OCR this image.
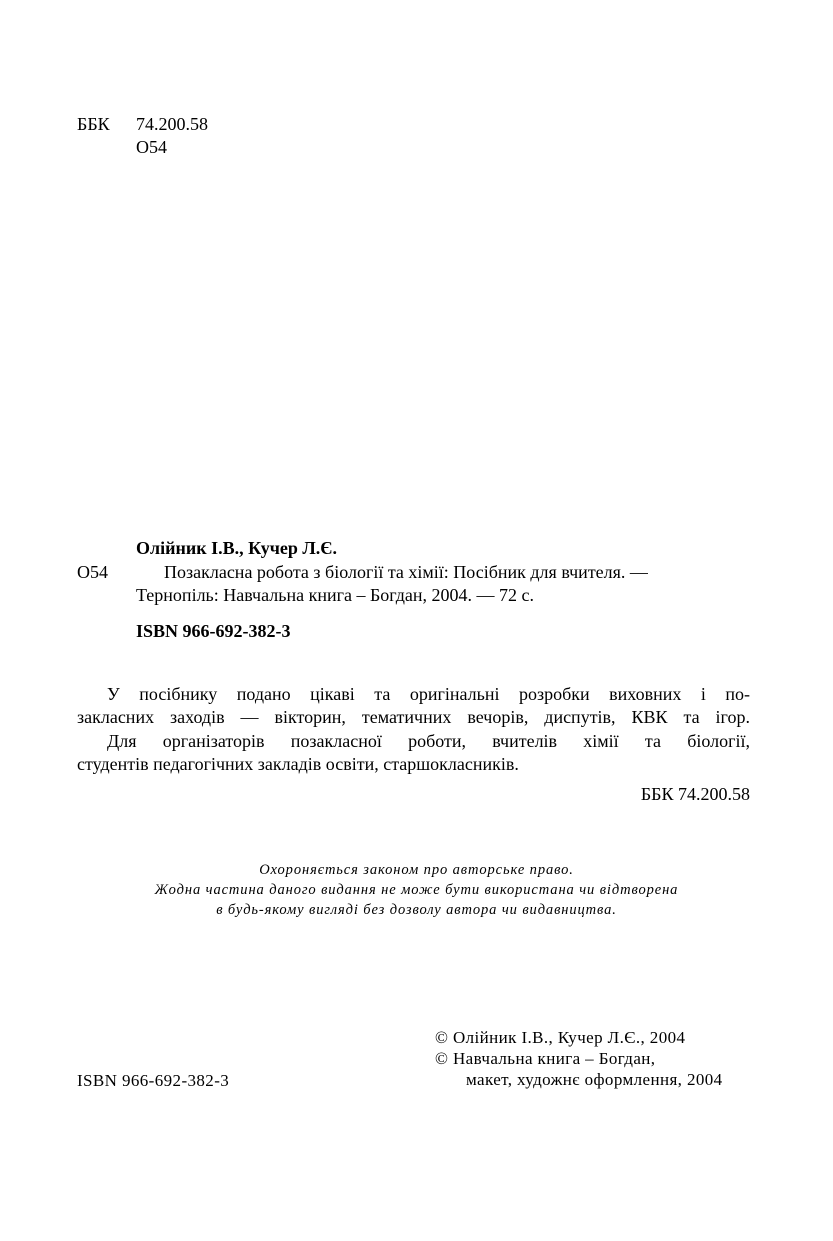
ББК 74.200.58
О54
Олійник І.В., Кучер Л.Є.
О54	Позакласна робота з біології та хімії: Посібник для вчителя. —
Тернопіль: Навчальна книга – Богдан, 2004. — 72 с.
ISBN 966-692-382-3
У посібнику подано цікаві та оригінальні розробки виховних і по-
закласних заходів — вікторин, тематичних вечорів, диспутів, КВК та ігор.
Для організаторів позакласної роботи, вчителів хімії та біології,
студентів педагогічних закладів освіти, старшокласників.
ББК 74.200.58
Охороняється законом про авторське право.
Жодна частина даного видання не може бути використана чи відтворена
в будь-якому вигляді без дозволу автора чи видавництва.
© Олійник І.В., Кучер Л.Є., 2004
© Навчальна книга – Богдан,
макет, художнє оформлення, 2004
ISBN 966-692-382-3
